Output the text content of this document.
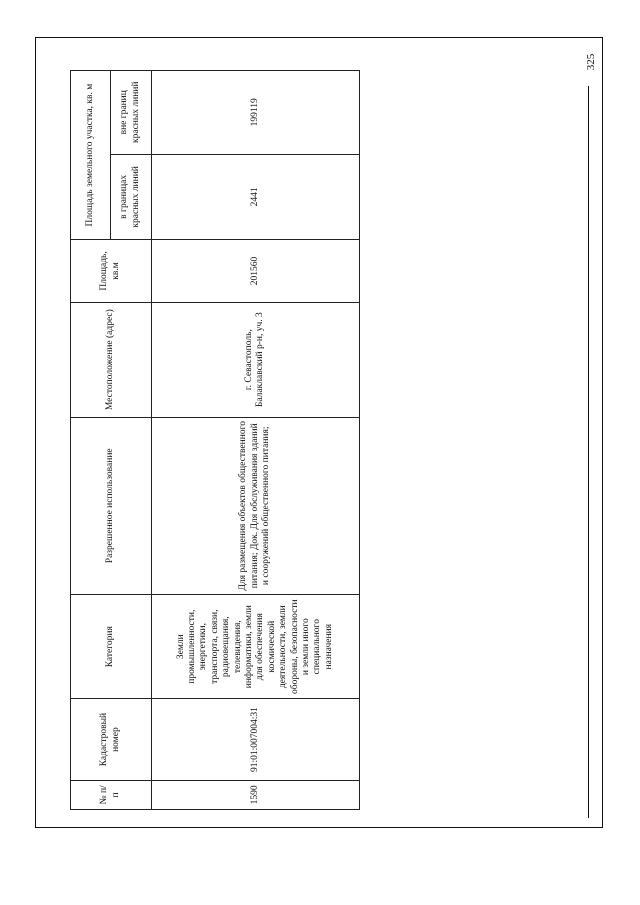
325
№ п/п	Кадастровый номер	Категория	Разрешенное использование	Местоположение (адрес)	Площадь, кв.м	Площадь земельного участка, кв. м	
						в границах красных линий	вне границ красных линий
1590	91:01:007004:31	Земли промышленности, энергетики, транспорта, связи, радиовещания, телевидения, информатики, земли для обеспечения космической деятельности, земли обороны, безопасности и земли иного специального назначения	Для размещения объектов общественного питания; Док. Для обслуживания зданий и сооружений общественного питания;	г. Севастополь, Балаклавский р-н, уч. 3	201560	2441	199119
